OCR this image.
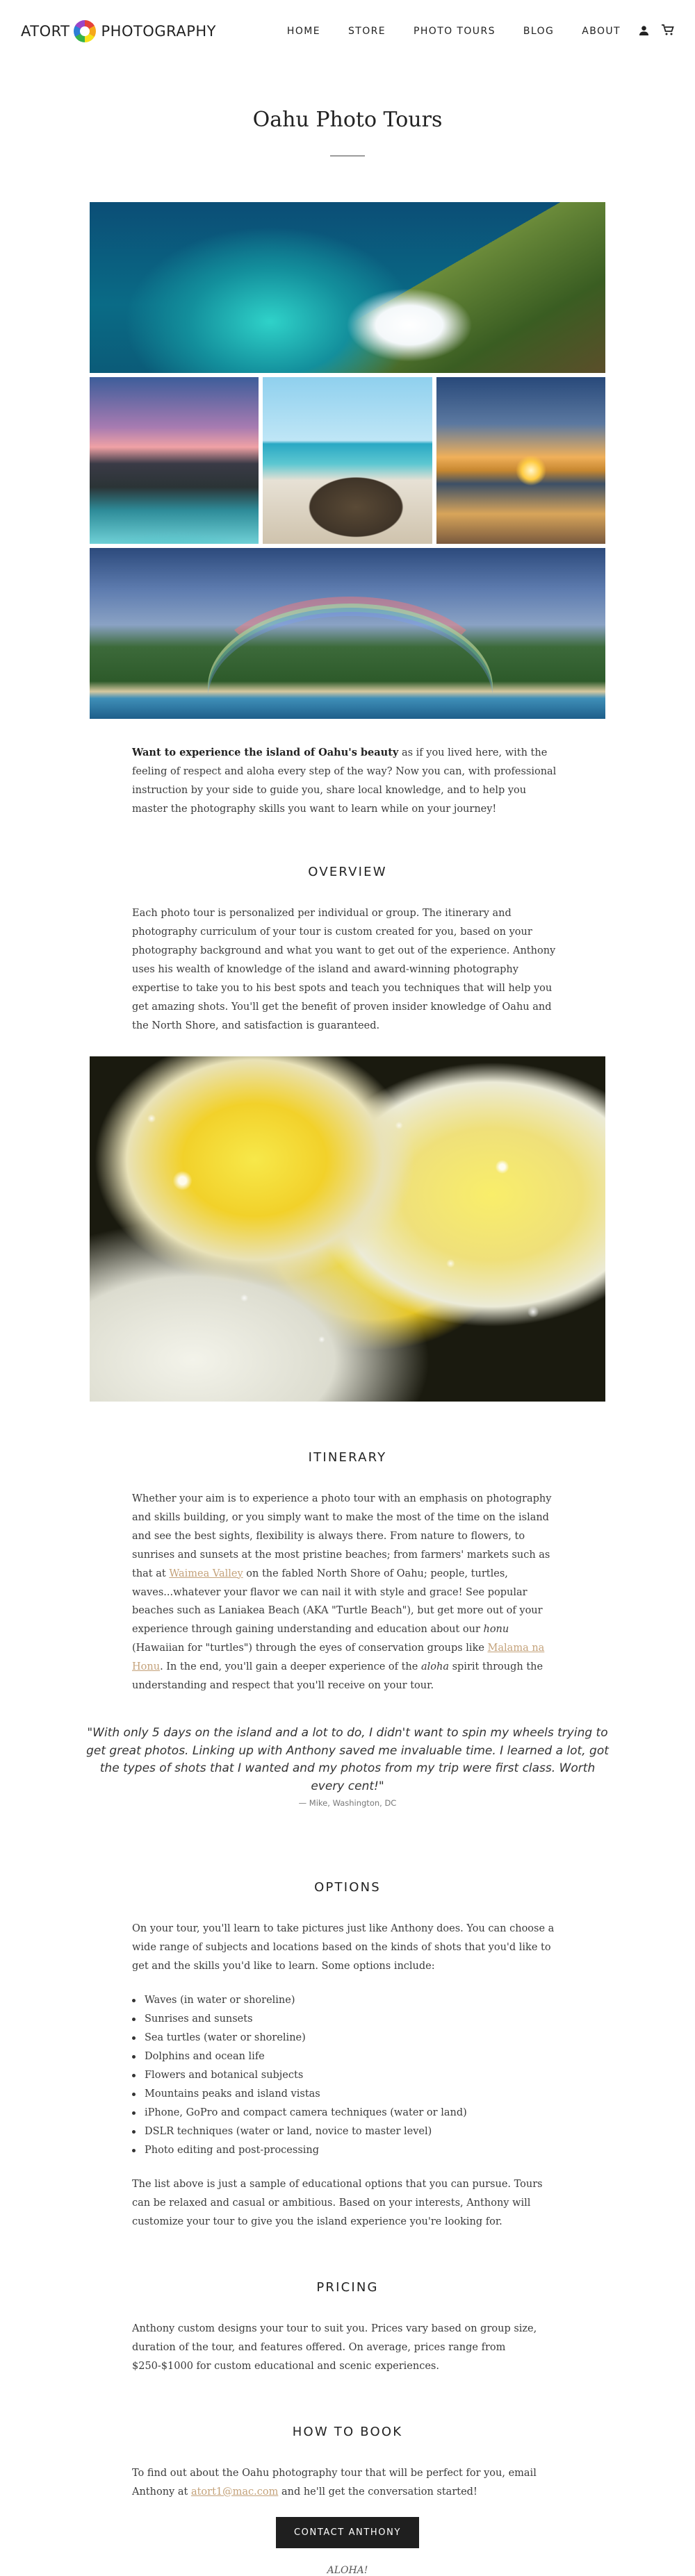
ATORT PHOTOGRAPHY	HOME	STORE	PHOTO TOURS	BLOG	ABOUT
Oahu Photo Tours

Want to experience the island of Oahu's beauty as if you lived here, with the feeling of respect and aloha every step of the way? Now you can, with professional instruction by your side to guide you, share local knowledge, and to help you master the photography skills you want to learn while on your journey!

OVERVIEW

Each photo tour is personalized per individual or group. The itinerary and photography curriculum of your tour is custom created for you, based on your photography background and what you want to get out of the experience. Anthony uses his wealth of knowledge of the island and award-winning photography expertise to take you to his best spots and teach you techniques that will help you get amazing shots. You'll get the benefit of proven insider knowledge of Oahu and the North Shore, and satisfaction is guaranteed.

ITINERARY

Whether your aim is to experience a photo tour with an emphasis on photography and skills building, or you simply want to make the most of the time on the island and see the best sights, flexibility is always there. From nature to flowers, to sunrises and sunsets at the most pristine beaches; from farmers' markets such as that at Waimea Valley on the fabled North Shore of Oahu; people, turtles, waves...whatever your flavor we can nail it with style and grace! See popular beaches such as Laniakea Beach (AKA "Turtle Beach"), but get more out of your experience through gaining understanding and education about our honu (Hawaiian for "turtles") through the eyes of conservation groups like Malama na Honu. In the end, you'll gain a deeper experience of the aloha spirit through the understanding and respect that you'll receive on your tour.

"With only 5 days on the island and a lot to do, I didn't want to spin my wheels trying to get great photos. Linking up with Anthony saved me invaluable time. I learned a lot, got the types of shots that I wanted and my photos from my trip were first class. Worth every cent!"

— Mike, Washington, DC

OPTIONS

On your tour, you'll learn to take pictures just like Anthony does. You can choose a wide range of subjects and locations based on the kinds of shots that you'd like to get and the skills you'd like to learn. Some options include:

Waves (in water or shoreline)
Sunrises and sunsets
Sea turtles (water or shoreline)
Dolphins and ocean life
Flowers and botanical subjects
Mountains peaks and island vistas
iPhone, GoPro and compact camera techniques (water or land)
DSLR techniques (water or land, novice to master level)
Photo editing and post-processing

The list above is just a sample of educational options that you can pursue. Tours can be relaxed and casual or ambitious. Based on your interests, Anthony will customize your tour to give you the island experience you're looking for.

PRICING

Anthony custom designs your tour to suit you. Prices vary based on group size, duration of the tour, and features offered. On average, prices range from $250-$1000 for custom educational and scenic experiences.

HOW TO BOOK

To find out about the Oahu photography tour that will be perfect for you, email Anthony at atort1@mac.com and he'll get the conversation started!

CONTACT ANTHONY

ALOHA!
